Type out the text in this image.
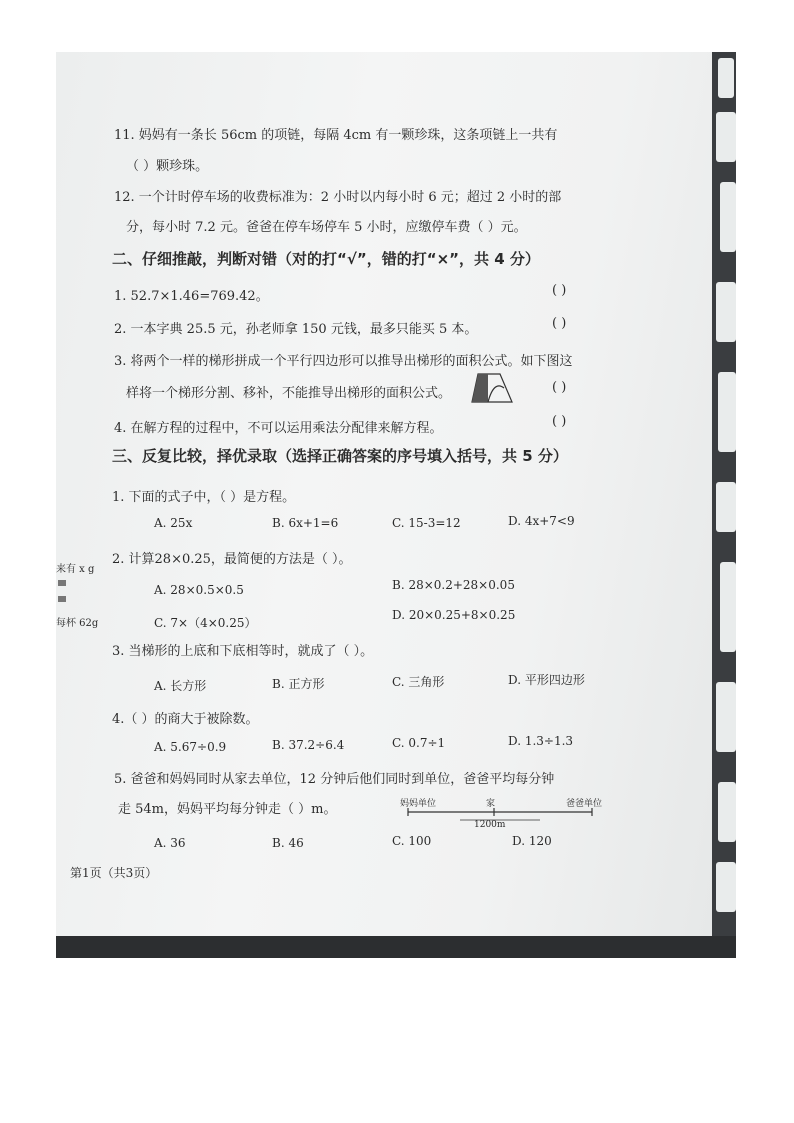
11. 妈妈有一条长 56cm 的项链，每隔 4cm 有一颗珍珠，这条项链上一共有
（ ）颗珍珠。
12. 一个计时停车场的收费标准为：2 小时以内每小时 6 元；超过 2 小时的部
分，每小时 7.2 元。爸爸在停车场停车 5 小时，应缴停车费（ ）元。
二、仔细推敲，判断对错（对的打“√”，错的打“×”，共 4 分）
1. 52.7×1.46=769.42。	( )
2. 一本字典 25.5 元，孙老师拿 150 元钱，最多只能买 5 本。	( )
3. 将两个一样的梯形拼成一个平行四边形可以推导出梯形的面积公式。如下图这
样将一个梯形分割、移补，不能推导出梯形的面积公式。	( )
4. 在解方程的过程中，不可以运用乘法分配律来解方程。	( )
三、反复比较，择优录取（选择正确答案的序号填入括号，共 5 分）
1. 下面的式子中，（ ）是方程。
A. 25x	B. 6x+1=6	C. 15-3=12	D. 4x+7<9
2. 计算28×0.25，最简便的方法是（ ）。
A. 28×0.5×0.5	B. 28×0.2+28×0.05
C. 7×（4×0.25）
D. 20×0.25+8×0.25
3. 当梯形的上底和下底相等时，就成了（ ）。
A. 长方形	B. 正方形	C. 三角形	D. 平形四边形
4.（ ）的商大于被除数。
A. 5.67÷0.9	B. 37.2÷6.4	C. 0.7÷1	D. 1.3÷1.3
5. 爸爸和妈妈同时从家去单位，12 分钟后他们同时到单位，爸爸平均每分钟
走 54m，妈妈平均每分钟走（ ）m。	妈妈单位	家	爸爸单位
1200m
A. 36	B. 46	C. 100	D. 120
来有 x g
每杯 62g
第1页（共3页）
